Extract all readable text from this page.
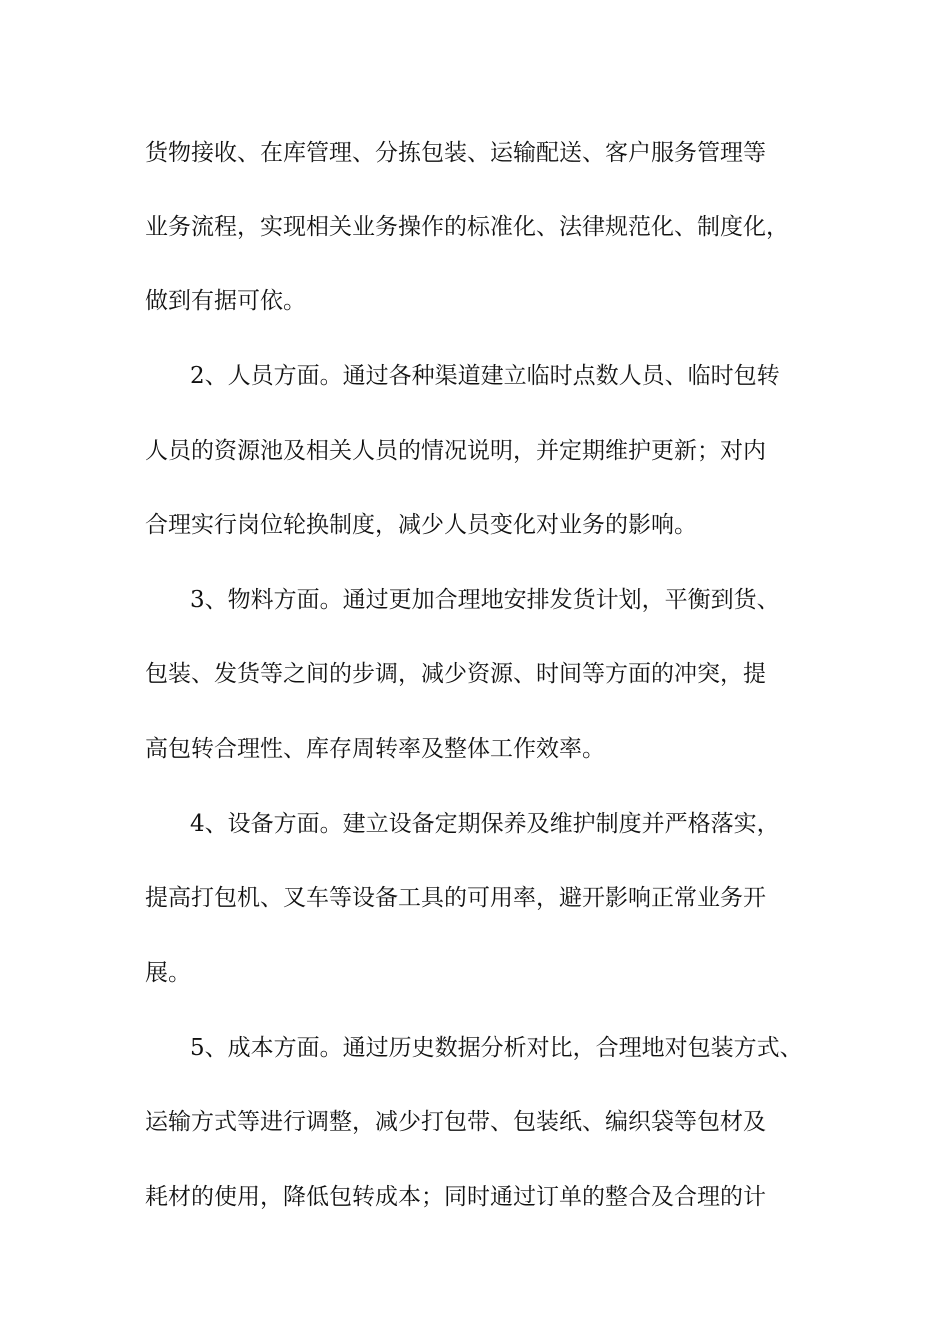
货物接收、在库管理、分拣包装、运输配送、客户服务管理等
业务流程，实现相关业务操作的标准化、法律规范化、制度化，
做到有据可依。
2、人员方面。通过各种渠道建立临时点数人员、临时包转
人员的资源池及相关人员的情况说明，并定期维护更新；对内
合理实行岗位轮换制度，减少人员变化对业务的影响。
3、物料方面。通过更加合理地安排发货计划，平衡到货、
包装、发货等之间的步调，减少资源、时间等方面的冲突，提
高包转合理性、库存周转率及整体工作效率。
4、设备方面。建立设备定期保养及维护制度并严格落实，
提高打包机、叉车等设备工具的可用率，避开影响正常业务开
展。
5、成本方面。通过历史数据分析对比，合理地对包装方式、
运输方式等进行调整，减少打包带、包装纸、编织袋等包材及
耗材的使用，降低包转成本；同时通过订单的整合及合理的计
